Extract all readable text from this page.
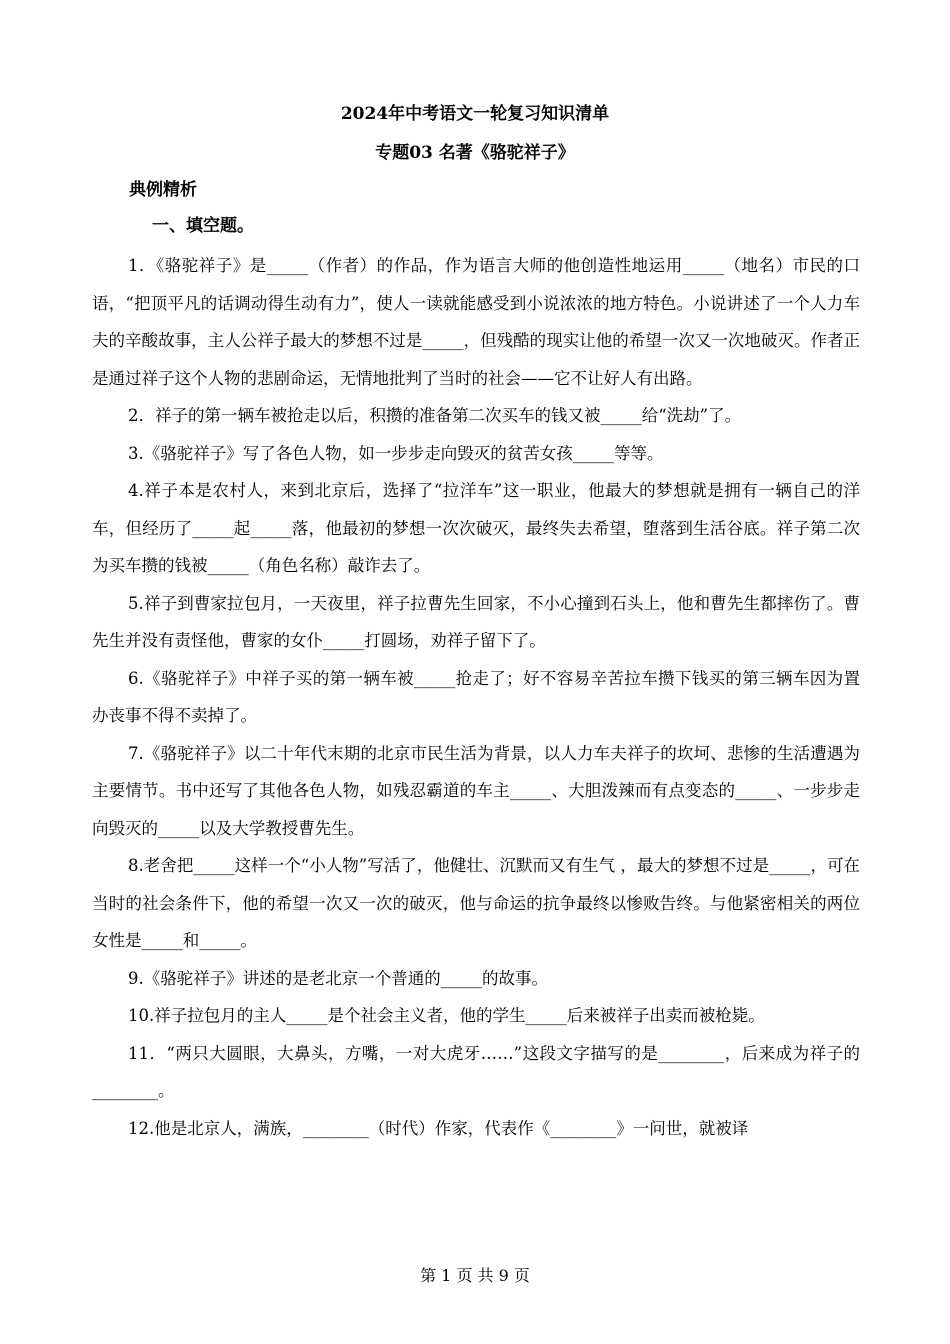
2024年中考语文一轮复习知识清单
专题03 名著《骆驼祥子》
典例精析
一、填空题。

1．《骆驼祥子》是_____（作者）的作品，作为语言大师的他创造性地运用_____（地名）市民的口语，“把顶平凡的话调动得生动有力”，使人一读就能感受到小说浓浓的地方特色。小说讲述了一个人力车夫的辛酸故事，主人公祥子最大的梦想不过是_____，但残酷的现实让他的希望一次又一次地破灭。作者正是通过祥子这个人物的悲剧命运，无情地批判了当时的社会——它不让好人有出路。

2．祥子的第一辆车被抢走以后，积攒的准备第二次买车的钱又被_____给“洗劫”了。

3.《骆驼祥子》写了各色人物，如一步步走向毁灭的贫苦女孩_____等等。

4.祥子本是农村人，来到北京后，选择了“拉洋车”这一职业，他最大的梦想就是拥有一辆自己的洋车，但经历了_____起_____落，他最初的梦想一次次破灭，最终失去希望，堕落到生活谷底。祥子第二次为买车攒的钱被_____（角色名称）敲诈去了。

5.祥子到曹家拉包月，一天夜里，祥子拉曹先生回家，不小心撞到石头上，他和曹先生都摔伤了。曹先生并没有责怪他，曹家的女仆_____打圆场，劝祥子留下了。

6.《骆驼祥子》中祥子买的第一辆车被_____抢走了；好不容易辛苦拉车攒下钱买的第三辆车因为置办丧事不得不卖掉了。

7.《骆驼祥子》以二十年代末期的北京市民生活为背景，以人力车夫祥子的坎坷、悲惨的生活遭遇为主要情节。书中还写了其他各色人物，如残忍霸道的车主_____、大胆泼辣而有点变态的_____、一步步走向毁灭的_____以及大学教授曹先生。

8.老舍把_____这样一个“小人物”写活了，他健壮、沉默而又有生气 ，最大的梦想不过是_____，可在当时的社会条件下，他的希望一次又一次的破灭，他与命运的抗争最终以惨败告终。与他紧密相关的两位女性是_____和_____。

9.《骆驼祥子》讲述的是老北京一个普通的_____的故事。

10.祥子拉包月的主人_____是个社会主义者，他的学生_____后来被祥子出卖而被枪毙。

11．“两只大圆眼，大鼻头，方嘴，一对大虎牙……”这段文字描写的是________，后来成为祥子的________。

12.他是北京人，满族，________（时代）作家，代表作《________》一问世，就被译

第 1 页 共 9 页
